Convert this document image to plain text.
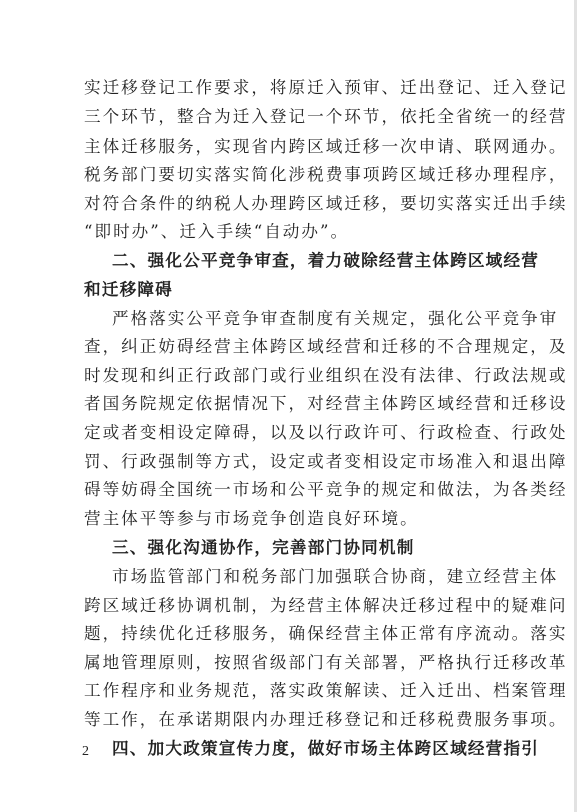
实迁移登记工作要求，将原迁入预审、迁出登记、迁入登记
三个环节，整合为迁入登记一个环节，依托全省统一的经营
主体迁移服务，实现省内跨区域迁移一次申请、联网通办。
税务部门要切实落实简化涉税费事项跨区域迁移办理程序，
对符合条件的纳税人办理跨区域迁移，要切实落实迁出手续
“即时办”、迁入手续“自动办”。
二、强化公平竞争审查，着力破除经营主体跨区域经营
和迁移障碍
严格落实公平竞争审查制度有关规定，强化公平竞争审
查，纠正妨碍经营主体跨区域经营和迁移的不合理规定，及
时发现和纠正行政部门或行业组织在没有法律、行政法规或
者国务院规定依据情况下，对经营主体跨区域经营和迁移设
定或者变相设定障碍，以及以行政许可、行政检查、行政处
罚、行政强制等方式，设定或者变相设定市场准入和退出障
碍等妨碍全国统一市场和公平竞争的规定和做法，为各类经
营主体平等参与市场竞争创造良好环境。
三、强化沟通协作，完善部门协同机制
市场监管部门和税务部门加强联合协商，建立经营主体
跨区域迁移协调机制，为经营主体解决迁移过程中的疑难问
题，持续优化迁移服务，确保经营主体正常有序流动。落实
属地管理原则，按照省级部门有关部署，严格执行迁移改革
工作程序和业务规范，落实政策解读、迁入迁出、档案管理
等工作，在承诺期限内办理迁移登记和迁移税费服务事项。
四、加大政策宣传力度，做好市场主体跨区域经营指引
2
